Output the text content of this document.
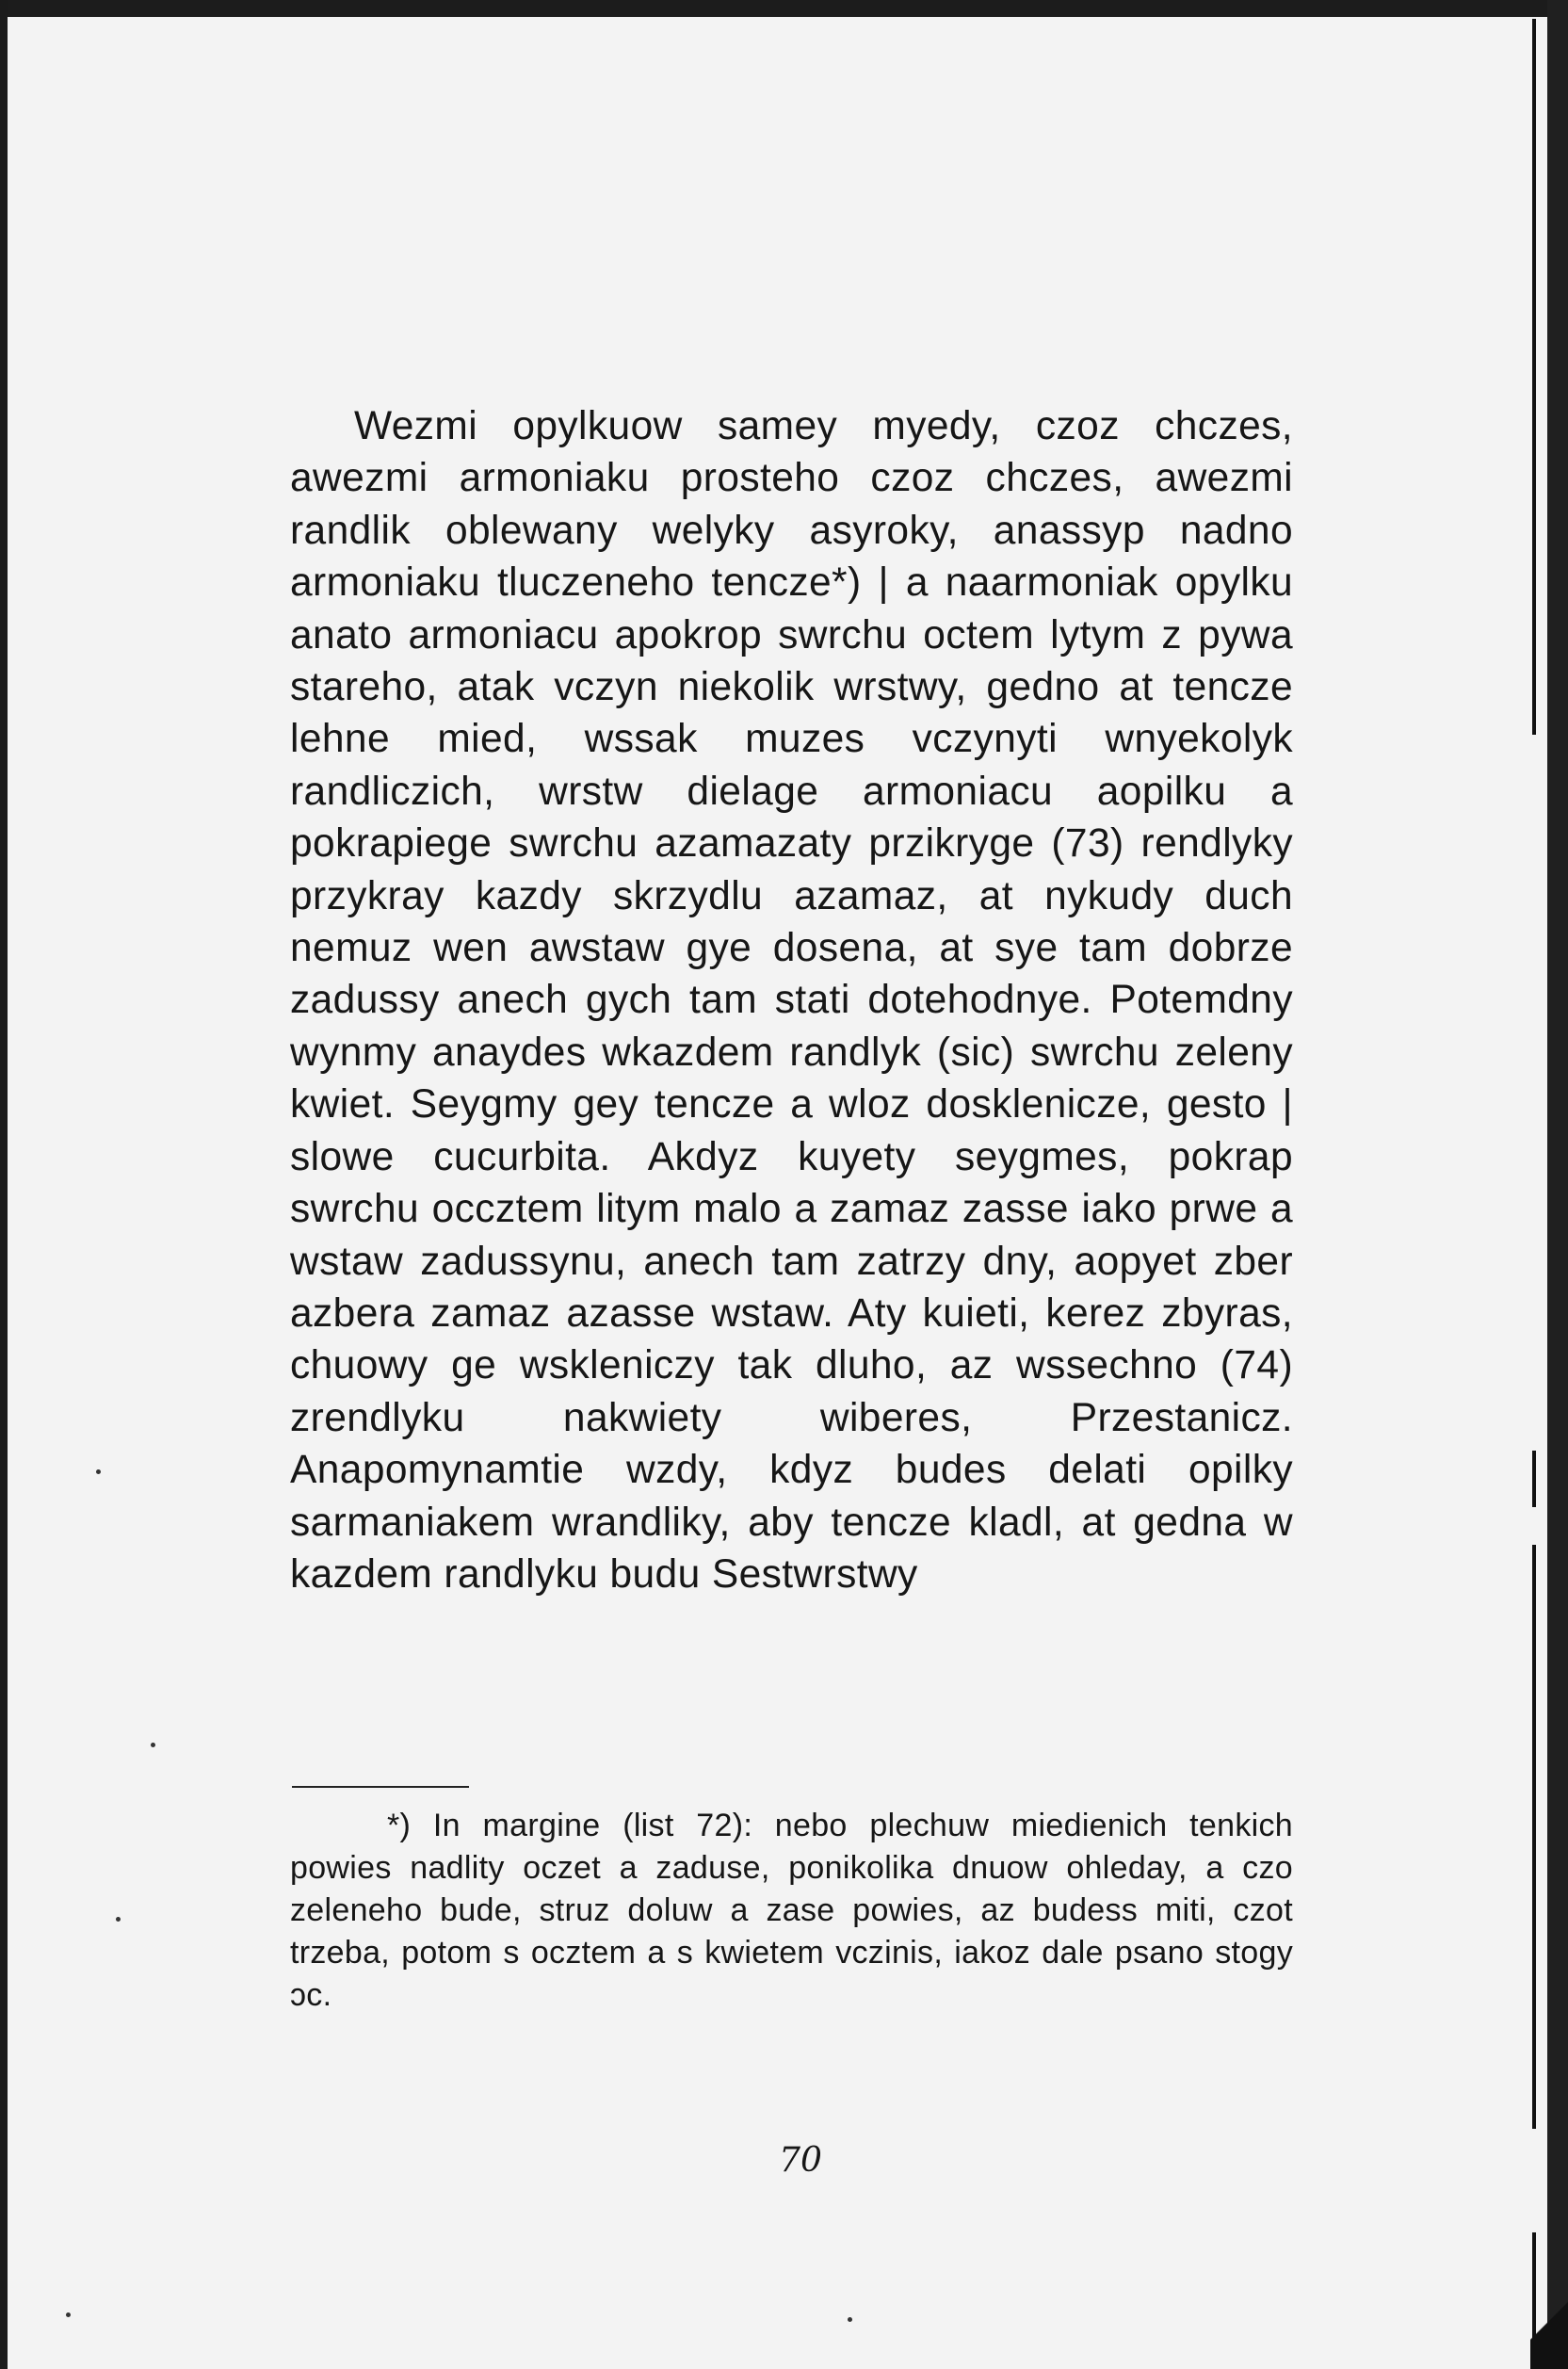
Wezmi opylkuow samey myedy, czoz chczes, awezmi armoniaku prosteho czoz chczes, awezmi randlik oblewany welyky asyroky, anassyp nadno armoniaku tluczeneho tencze*) | a naarmoniak opylku anato armoniacu apokrop swrchu octem lytym z pywa stareho, atak vczyn niekolik wrstwy, gedno at tencze lehne mied, wssak muzes vczynyti wnyekolyk randliczich, wrstw dielage armoniacu aopilku a pokrapiege swrchu azamazaty przikryge (73) rendlyky przykray kazdy skrzydlu azamaz, at nykudy duch nemuz wen awstaw gye dosena, at sye tam dobrze zadussy anech gych tam stati dotehodnye. Potemdny wynmy anaydes wkazdem randlyk (sic) swrchu zeleny kwiet. Seygmy gey tencze a wloz dosklenicze, gesto | slowe cucurbita. Akdyz kuyety seygmes, pokrap swrchu occztem litym malo a zamaz zasse iako prwe a wstaw zadussynu, anech tam zatrzy dny, aopyet zber azbera zamaz azasse wstaw. Aty kuieti, kerez zbyras, chuowy ge wskleniczy tak dluho, az wssechno (74) zrendlyku nakwiety wiberes, Przestanicz. Anapomynamtie wzdy, kdyz budes delati opilky sarmaniakem wrandliky, aby tencze kladl, at gedna w kazdem randlyku budu Sestwrstwy

*) In margine (list 72): nebo plechuw miedienich tenkich powies nadlity oczet a zaduse, ponikolika dnuow ohleday, a czo zeleneho bude, struz doluw a zase powies, az budess miti, czot trzeba, potom s ocztem a s kwietem vczinis, iakoz dale psano stogy ɔc.

70
